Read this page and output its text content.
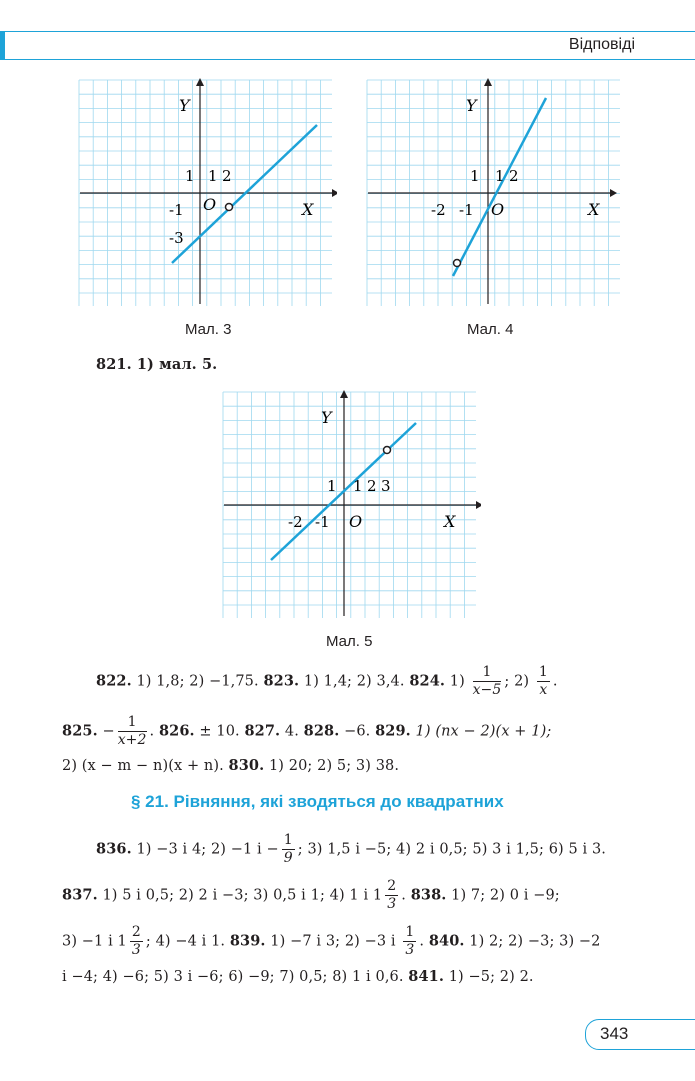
Відповіді
Y
X
O
1 1 2
-1
-3
Мал. 3
Y
X
O
1 1 2
-2 -1
Мал. 4
821. 1) мал. 5.
Y
X
O
1 1 2 3
-2 -1
Мал. 5
822. 1) 1,8; 2) −1,75. 823. 1) 1,4; 2) 3,4. 824. $1) \frac{1}{x-5}$ ; $2) \frac{1}{x}$ .
825. − $\frac{1}{x+2}$ . 826. ± 10. 827. 4. 828. −6. 829. 1) (nx − 2)(x + 1);
2) (x − m − n)(x + n). 830. 1) 20; 2) 5; 3) 38.
§ 21. Рівняння, які зводяться до квадратних
836. 1) −3 і 4; 2) −1 $і - \frac{1}{9}$ ; 3) 1,5 і −5; 4) 2 і 0,5; 5) 3 і 1,5; 6) 5 і 3.
837. 1) 5 і 0,5; 2) 2 і −3; 3) 0,5 і 1; 4) 1 і $1 \frac{2}{3}$ . 838. 1) 7; 2) 0 і −9;
3) −1 і $1 \frac{2}{3}$ ; 4) −4 і 1. 839. 1) −7 і 3; 2) −3 і $\frac{1}{3}$ . 840. 1) 2; 2) −3; 3) −2
і −4; 4) −6; 5) 3 і −6; 6) −9; 7) 0,5; 8) 1 і 0,6. 841. 1) −5; 2) 2.
343
